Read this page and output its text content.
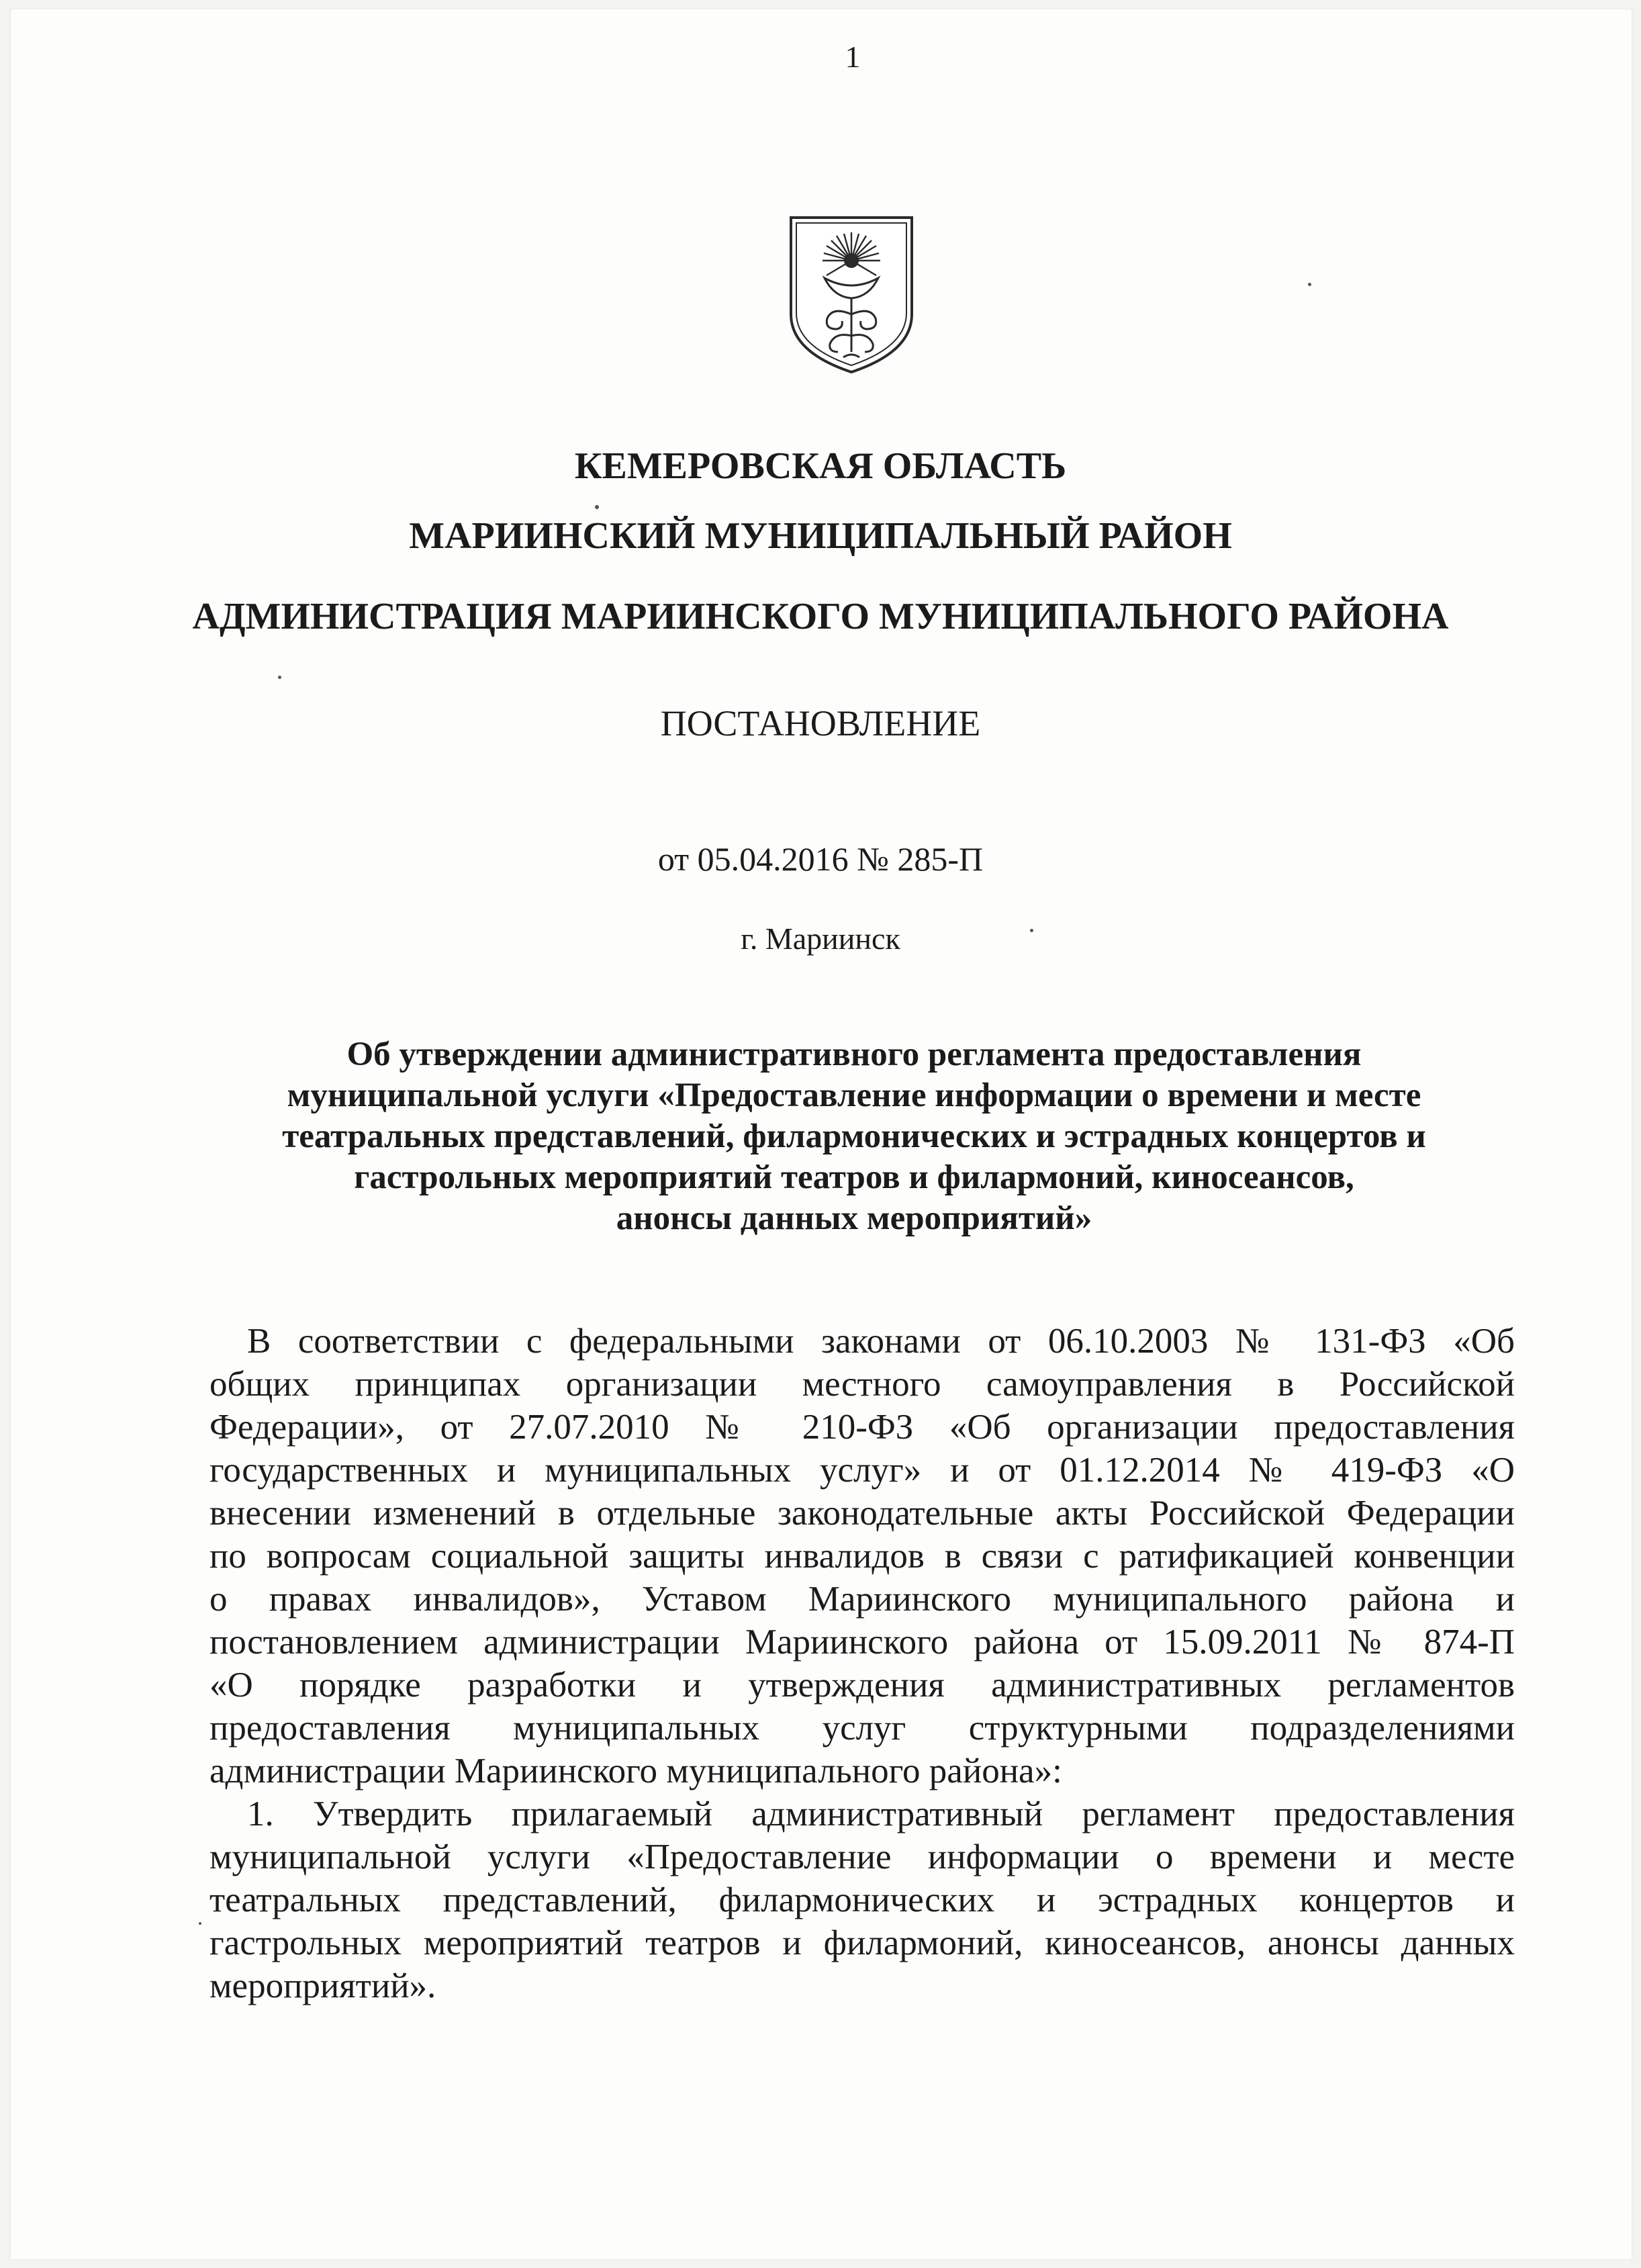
1
КЕМЕРОВСКАЯ ОБЛАСТЬ
МАРИИНСКИЙ МУНИЦИПАЛЬНЫЙ РАЙОН
АДМИНИСТРАЦИЯ МАРИИНСКОГО МУНИЦИПАЛЬНОГО РАЙОНА
ПОСТАНОВЛЕНИЕ
от 05.04.2016 № 285-П
г. Мариинск
Об утверждении административного регламента предоставления
муниципальной услуги «Предоставление информации о времени и месте
театральных представлений, филармонических и эстрадных концертов и
гастрольных мероприятий театров и филармоний, киносеансов,
анонсы данных мероприятий»
В соответствии с федеральными законами от 06.10.2003 № 131-ФЗ «Об
общих принципах организации местного самоуправления в Российской
Федерации», от 27.07.2010 № 210-ФЗ «Об организации предоставления
государственных и муниципальных услуг» и от 01.12.2014 № 419-ФЗ «О
внесении изменений в отдельные законодательные акты Российской Федерации
по вопросам социальной защиты инвалидов в связи с ратификацией конвенции
о правах инвалидов», Уставом Мариинского муниципального района и
постановлением администрации Мариинского района от 15.09.2011 № 874-П
«О порядке разработки и утверждения административных регламентов
предоставления муниципальных услуг структурными подразделениями
администрации Мариинского муниципального района»:
1. Утвердить прилагаемый административный регламент предоставления
муниципальной услуги «Предоставление информации о времени и месте
театральных представлений, филармонических и эстрадных концертов и
гастрольных мероприятий театров и филармоний, киносеансов, анонсы данных
мероприятий».
